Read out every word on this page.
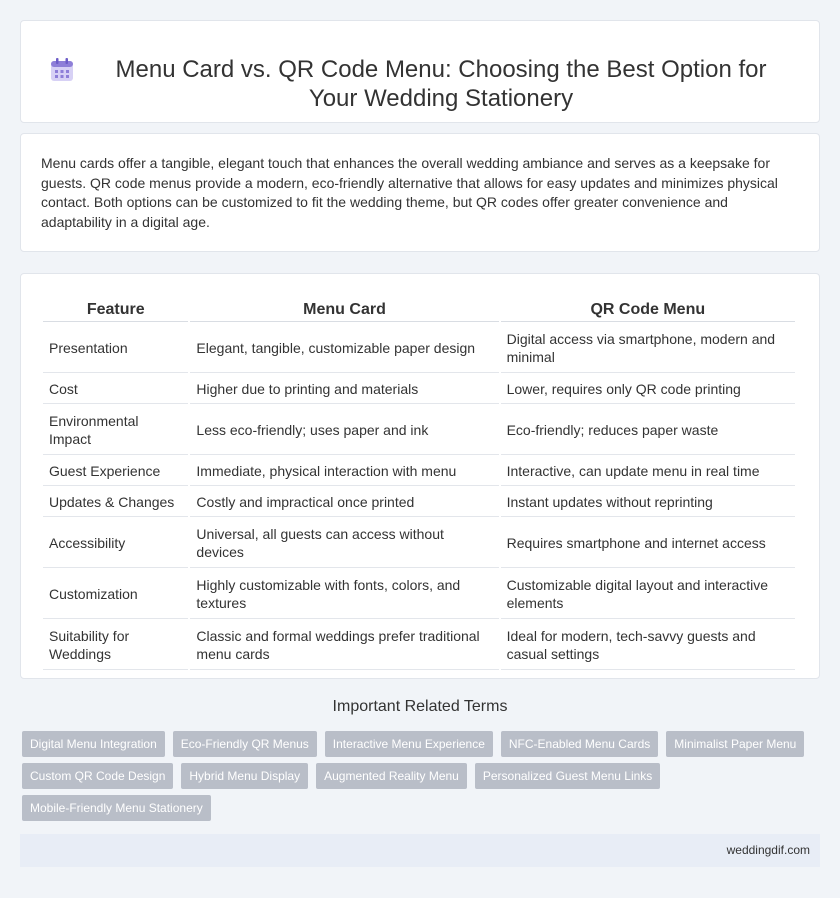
Menu Card vs. QR Code Menu: Choosing the Best Option for Your Wedding Stationery

Menu cards offer a tangible, elegant touch that enhances the overall wedding ambiance and serves as a keepsake for guests. QR code menus provide a modern, eco-friendly alternative that allows for easy updates and minimizes physical contact. Both options can be customized to fit the wedding theme, but QR codes offer greater convenience and adaptability in a digital age.

Feature	Menu Card	QR Code Menu
Presentation	Elegant, tangible, customizable paper design	Digital access via smartphone, modern and minimal
Cost	Higher due to printing and materials	Lower, requires only QR code printing
Environmental Impact	Less eco-friendly; uses paper and ink	Eco-friendly; reduces paper waste
Guest Experience	Immediate, physical interaction with menu	Interactive, can update menu in real time
Updates & Changes	Costly and impractical once printed	Instant updates without reprinting
Accessibility	Universal, all guests can access without devices	Requires smartphone and internet access
Customization	Highly customizable with fonts, colors, and textures	Customizable digital layout and interactive elements
Suitability for Weddings	Classic and formal weddings prefer traditional menu cards	Ideal for modern, tech-savvy guests and casual settings
Important Related Terms
Digital Menu Integration	Eco-Friendly QR Menus	Interactive Menu Experience	NFC-Enabled Menu Cards	Minimalist Paper Menu
Custom QR Code Design	Hybrid Menu Display	Augmented Reality Menu	Personalized Guest Menu Links
Mobile-Friendly Menu Stationery
weddingdif.com
